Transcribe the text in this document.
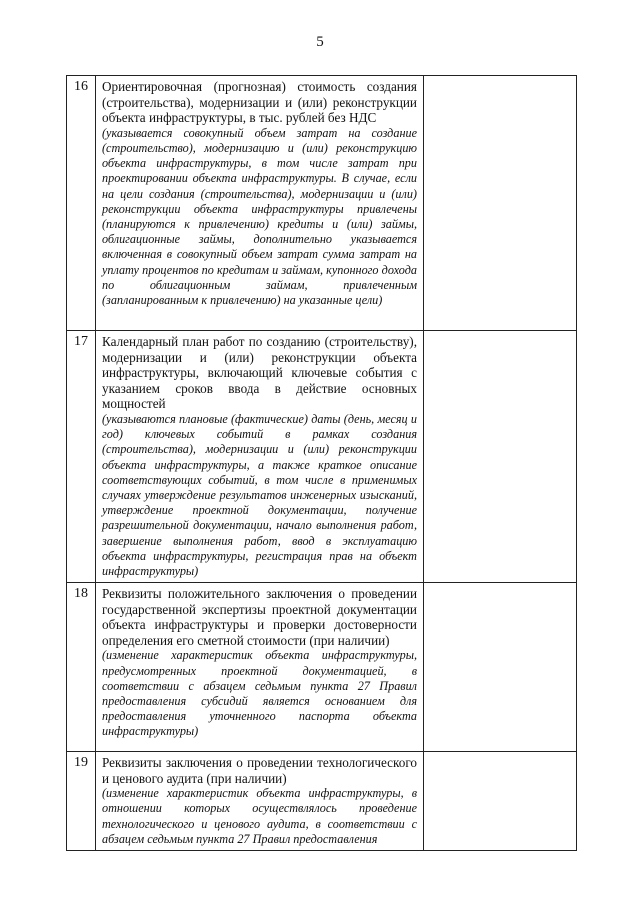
5
16	Ориентировочная (прогнозная) стоимость создания (строительства), модернизации и (или) реконструкции объекта инфраструктуры, в тыс. рублей без НДС
(указывается совокупный объем затрат на создание (строительство), модернизацию и (или) реконструкцию объекта инфраструктуры, в том числе затрат при проектировании объекта инфраструктуры. В случае, если на цели создания (строительства), модернизации и (или) реконструкции объекта инфраструктуры привлечены (планируются к привлечению) кредиты и (или) займы, облигационные займы, дополнительно указывается включенная в совокупный объем затрат сумма затрат на уплату процентов по кредитам и займам, купонного дохода по облигационным займам, привлеченным (запланированным к привлечению) на указанные цели)	

17	Календарный план работ по созданию (строительству), модернизации и (или) реконструкции объекта инфраструктуры, включающий ключевые события с указанием сроков ввода в действие основных мощностей
(указываются плановые (фактические) даты (день, месяц и год) ключевых событий в рамках создания (строительства), модернизации и (или) реконструкции объекта инфраструктуры, а также краткое описание соответствующих событий, в том числе в применимых случаях утверждение результатов инженерных изысканий, утверждение проектной документации, получение разрешительной документации, начало выполнения работ, завершение выполнения работ, ввод в эксплуатацию объекта инфраструктуры, регистрация прав на объект инфраструктуры)	

18	Реквизиты положительного заключения о проведении государственной экспертизы проектной документации объекта инфраструктуры и проверки достоверности определения его сметной стоимости (при наличии)
(изменение характеристик объекта инфраструктуры, предусмотренных проектной документацией, в соответствии с абзацем седьмым пункта 27 Правил предоставления субсидий является основанием для предоставления уточненного паспорта объекта инфраструктуры)	

19	Реквизиты заключения о проведении технологического и ценового аудита (при наличии)
(изменение характеристик объекта инфраструктуры, в отношении которых осуществлялось проведение технологического и ценового аудита, в соответствии с абзацем седьмым пункта 27 Правил предоставления	
